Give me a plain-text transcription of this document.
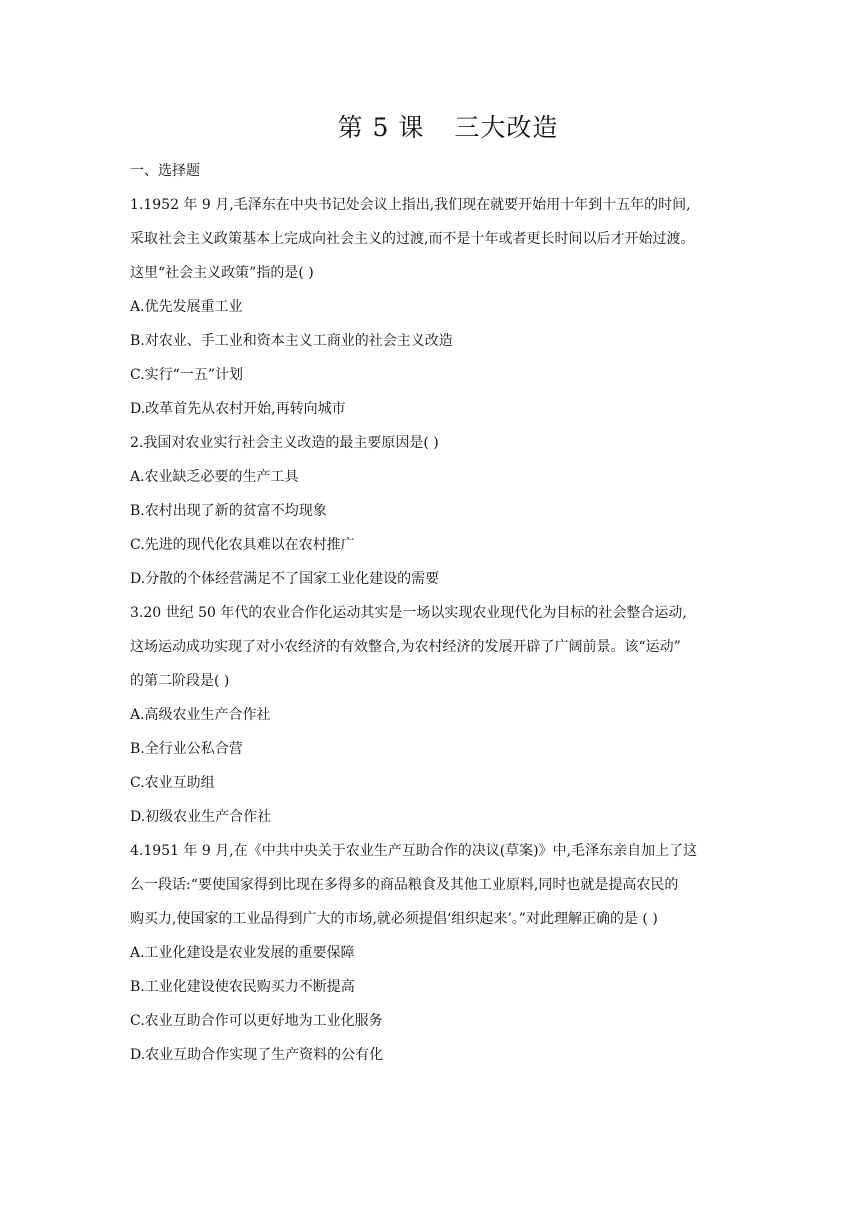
第 5 课 三大改造
一、选择题
1.1952 年 9 月,毛泽东在中央书记处会议上指出,我们现在就要开始用十年到十五年的时间,
采取社会主义政策基本上完成向社会主义的过渡,而不是十年或者更长时间以后才开始过渡。
这里“社会主义政策”指的是( )
A.优先发展重工业
B.对农业、手工业和资本主义工商业的社会主义改造
C.实行“一五”计划
D.改革首先从农村开始,再转向城市
2.我国对农业实行社会主义改造的最主要原因是( )
A.农业缺乏必要的生产工具
B.农村出现了新的贫富不均现象
C.先进的现代化农具难以在农村推广
D.分散的个体经营满足不了国家工业化建设的需要
3.20 世纪 50 年代的农业合作化运动其实是一场以实现农业现代化为目标的社会整合运动,
这场运动成功实现了对小农经济的有效整合,为农村经济的发展开辟了广阔前景。该“运动”
的第二阶段是( )
A.高级农业生产合作社
B.全行业公私合营
C.农业互助组
D.初级农业生产合作社
4.1951 年 9 月,在《中共中央关于农业生产互助合作的决议(草案)》中,毛泽东亲自加上了这
么一段话:“要使国家得到比现在多得多的商品粮食及其他工业原料,同时也就是提高农民的
购买力,使国家的工业品得到广大的市场,就必须提倡‘组织起来’。”对此理解正确的是 ( )
A.工业化建设是农业发展的重要保障
B.工业化建设使农民购买力不断提高
C.农业互助合作可以更好地为工业化服务
D.农业互助合作实现了生产资料的公有化
